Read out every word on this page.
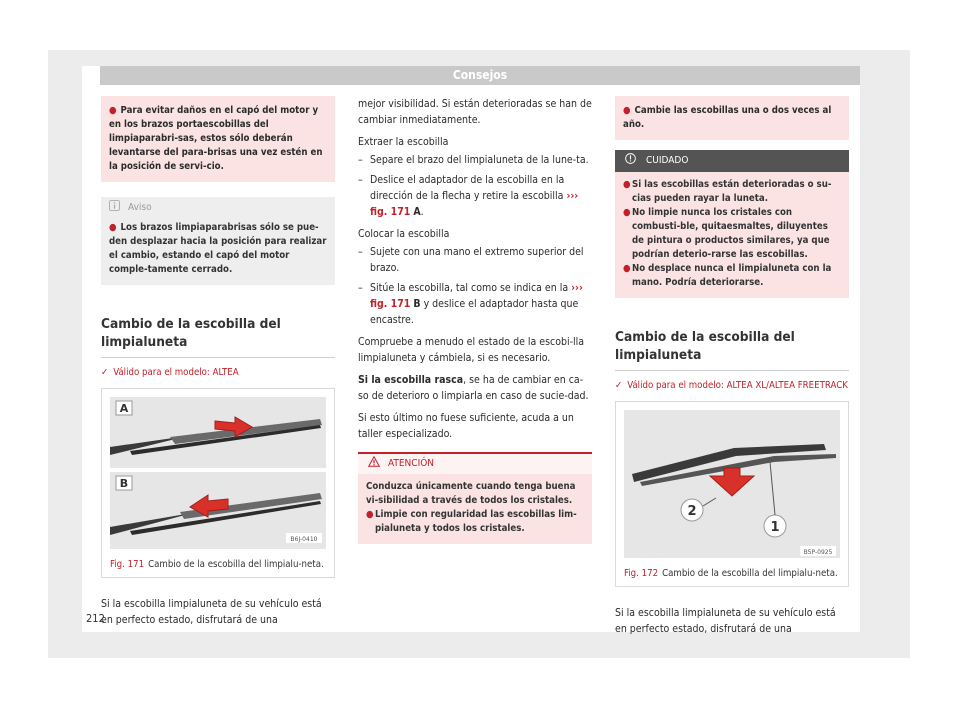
Consejos
● Para evitar daños en el capó del motor y en los brazos portaescobillas del limpiaparabri-sas, estos sólo deberán levantarse del para-brisas una vez estén en la posición de servi-cio.
Aviso
● Los brazos limpiaparabrisas sólo se pue-den desplazar hacia la posición para realizar el cambio, estando el capó del motor comple-tamente cerrado.
Cambio de la escobilla del limpialuneta
✓ Válido para el modelo: ALTEA
A
B
B6J-0410
Fig. 171 Cambio de la escobilla del limpialu-neta.

Si la escobilla limpialuneta de su vehículo está en perfecto estado, disfrutará de una

mejor visibilidad. Si están deterioradas se han de cambiar inmediatamente.

Extraer la escobilla
– Separe el brazo del limpialuneta de la lune-ta.
– Deslice el adaptador de la escobilla en la dirección de la flecha y retire la escobilla ››› fig. 171 A.
Colocar la escobilla
– Sujete con una mano el extremo superior del brazo.
– Sitúe la escobilla, tal como se indica en la ››› fig. 171 B y deslice el adaptador hasta que encastre.

Compruebe a menudo el estado de la escobi-lla limpialuneta y cámbiela, si es necesario.

Si la escobilla rasca, se ha de cambiar en ca-so de deterioro o limpiarla en caso de sucie-dad.

Si esto último no fuese suficiente, acuda a un taller especializado.

ATENCIÓN
Conduzca únicamente cuando tenga buena vi-sibilidad a través de todos los cristales.
● Limpie con regularidad las escobillas lim-pialuneta y todos los cristales.
● Cambie las escobillas una o dos veces al año.
CUIDADO
● Si las escobillas están deterioradas o su-cias pueden rayar la luneta.
● No limpie nunca los cristales con combusti-ble, quitaesmaltes, diluyentes de pintura o productos similares, ya que podrían deterio-rarse las escobillas.
● No desplace nunca el limpialuneta con la mano. Podría deteriorarse.
Cambio de la escobilla del limpialuneta
✓ Válido para el modelo: ALTEA XL/ALTEA FREETRACK
2
1
B5P-0925
Fig. 172 Cambio de la escobilla del limpialu-neta.

Si la escobilla limpialuneta de su vehículo está en perfecto estado, disfrutará de una

212
